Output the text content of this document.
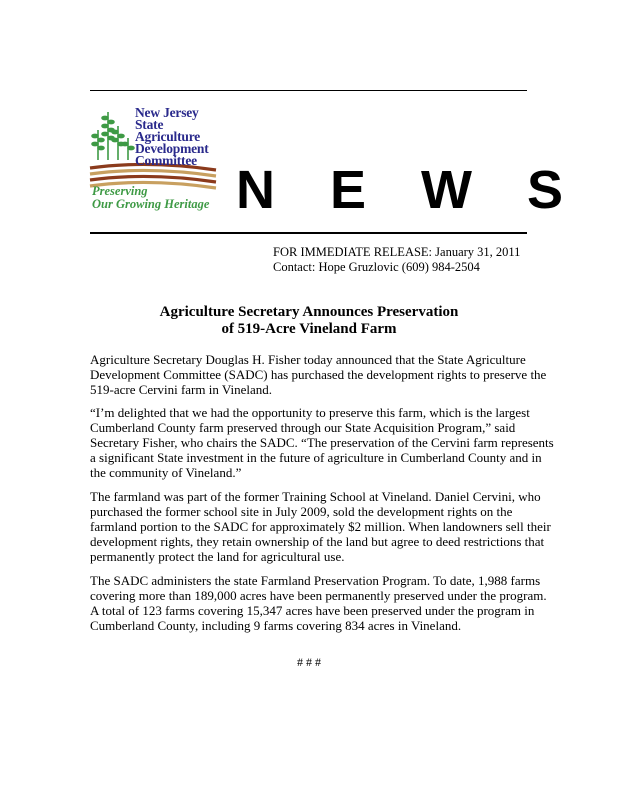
New Jersey
State
Agriculture
Development
Committee
Preserving
Our Growing Heritage N E W S
FOR IMMEDIATE RELEASE: January 31, 2011
Contact: Hope Gruzlovic (609) 984-2504
Agriculture Secretary Announces Preservation
of 519-Acre Vineland Farm
Agriculture Secretary Douglas H. Fisher today announced that the State Agriculture
Development Committee (SADC) has purchased the development rights to preserve the
519-acre Cervini farm in Vineland.
“I’m delighted that we had the opportunity to preserve this farm, which is the largest
Cumberland County farm preserved through our State Acquisition Program,” said
Secretary Fisher, who chairs the SADC. “The preservation of the Cervini farm represents
a significant State investment in the future of agriculture in Cumberland County and in
the community of Vineland.”
The farmland was part of the former Training School at Vineland. Daniel Cervini, who
purchased the former school site in July 2009, sold the development rights on the
farmland portion to the SADC for approximately $2 million. When landowners sell their
development rights, they retain ownership of the land but agree to deed restrictions that
permanently protect the land for agricultural use.
The SADC administers the state Farmland Preservation Program. To date, 1,988 farms
covering more than 189,000 acres have been permanently preserved under the program.
A total of 123 farms covering 15,347 acres have been preserved under the program in
Cumberland County, including 9 farms covering 834 acres in Vineland.
# # #
